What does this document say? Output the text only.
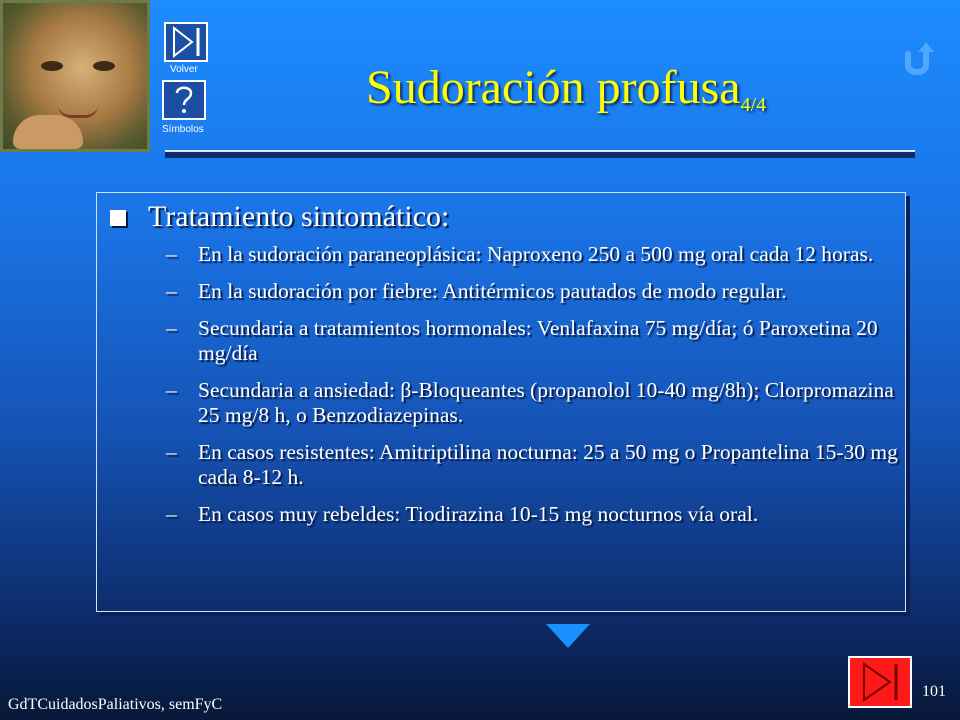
Volver
Símbolos
Sudoración profusa$_{4/4}$
Tratamiento sintomático:
– En la sudoración paraneoplásica: Naproxeno 250 a 500 mg oral cada 12 horas.
– En la sudoración por fiebre: Antitérmicos pautados de modo regular.
– Secundaria a tratamientos hormonales: Venlafaxina 75 mg/día; ó Paroxetina 20 mg/día
– Secundaria a ansiedad: β-Bloqueantes (propanolol 10-40 mg/8h); Clorpromazina 25 mg/8 h, o Benzodiazepinas.
– En casos resistentes: Amitriptilina nocturna: 25 a 50 mg o Propantelina 15-30 mg cada 8-12 h.
– En casos muy rebeldes: Tiodirazina 10-15 mg nocturnos vía oral.
GdTCuidadosPaliativos, semFyC
101
